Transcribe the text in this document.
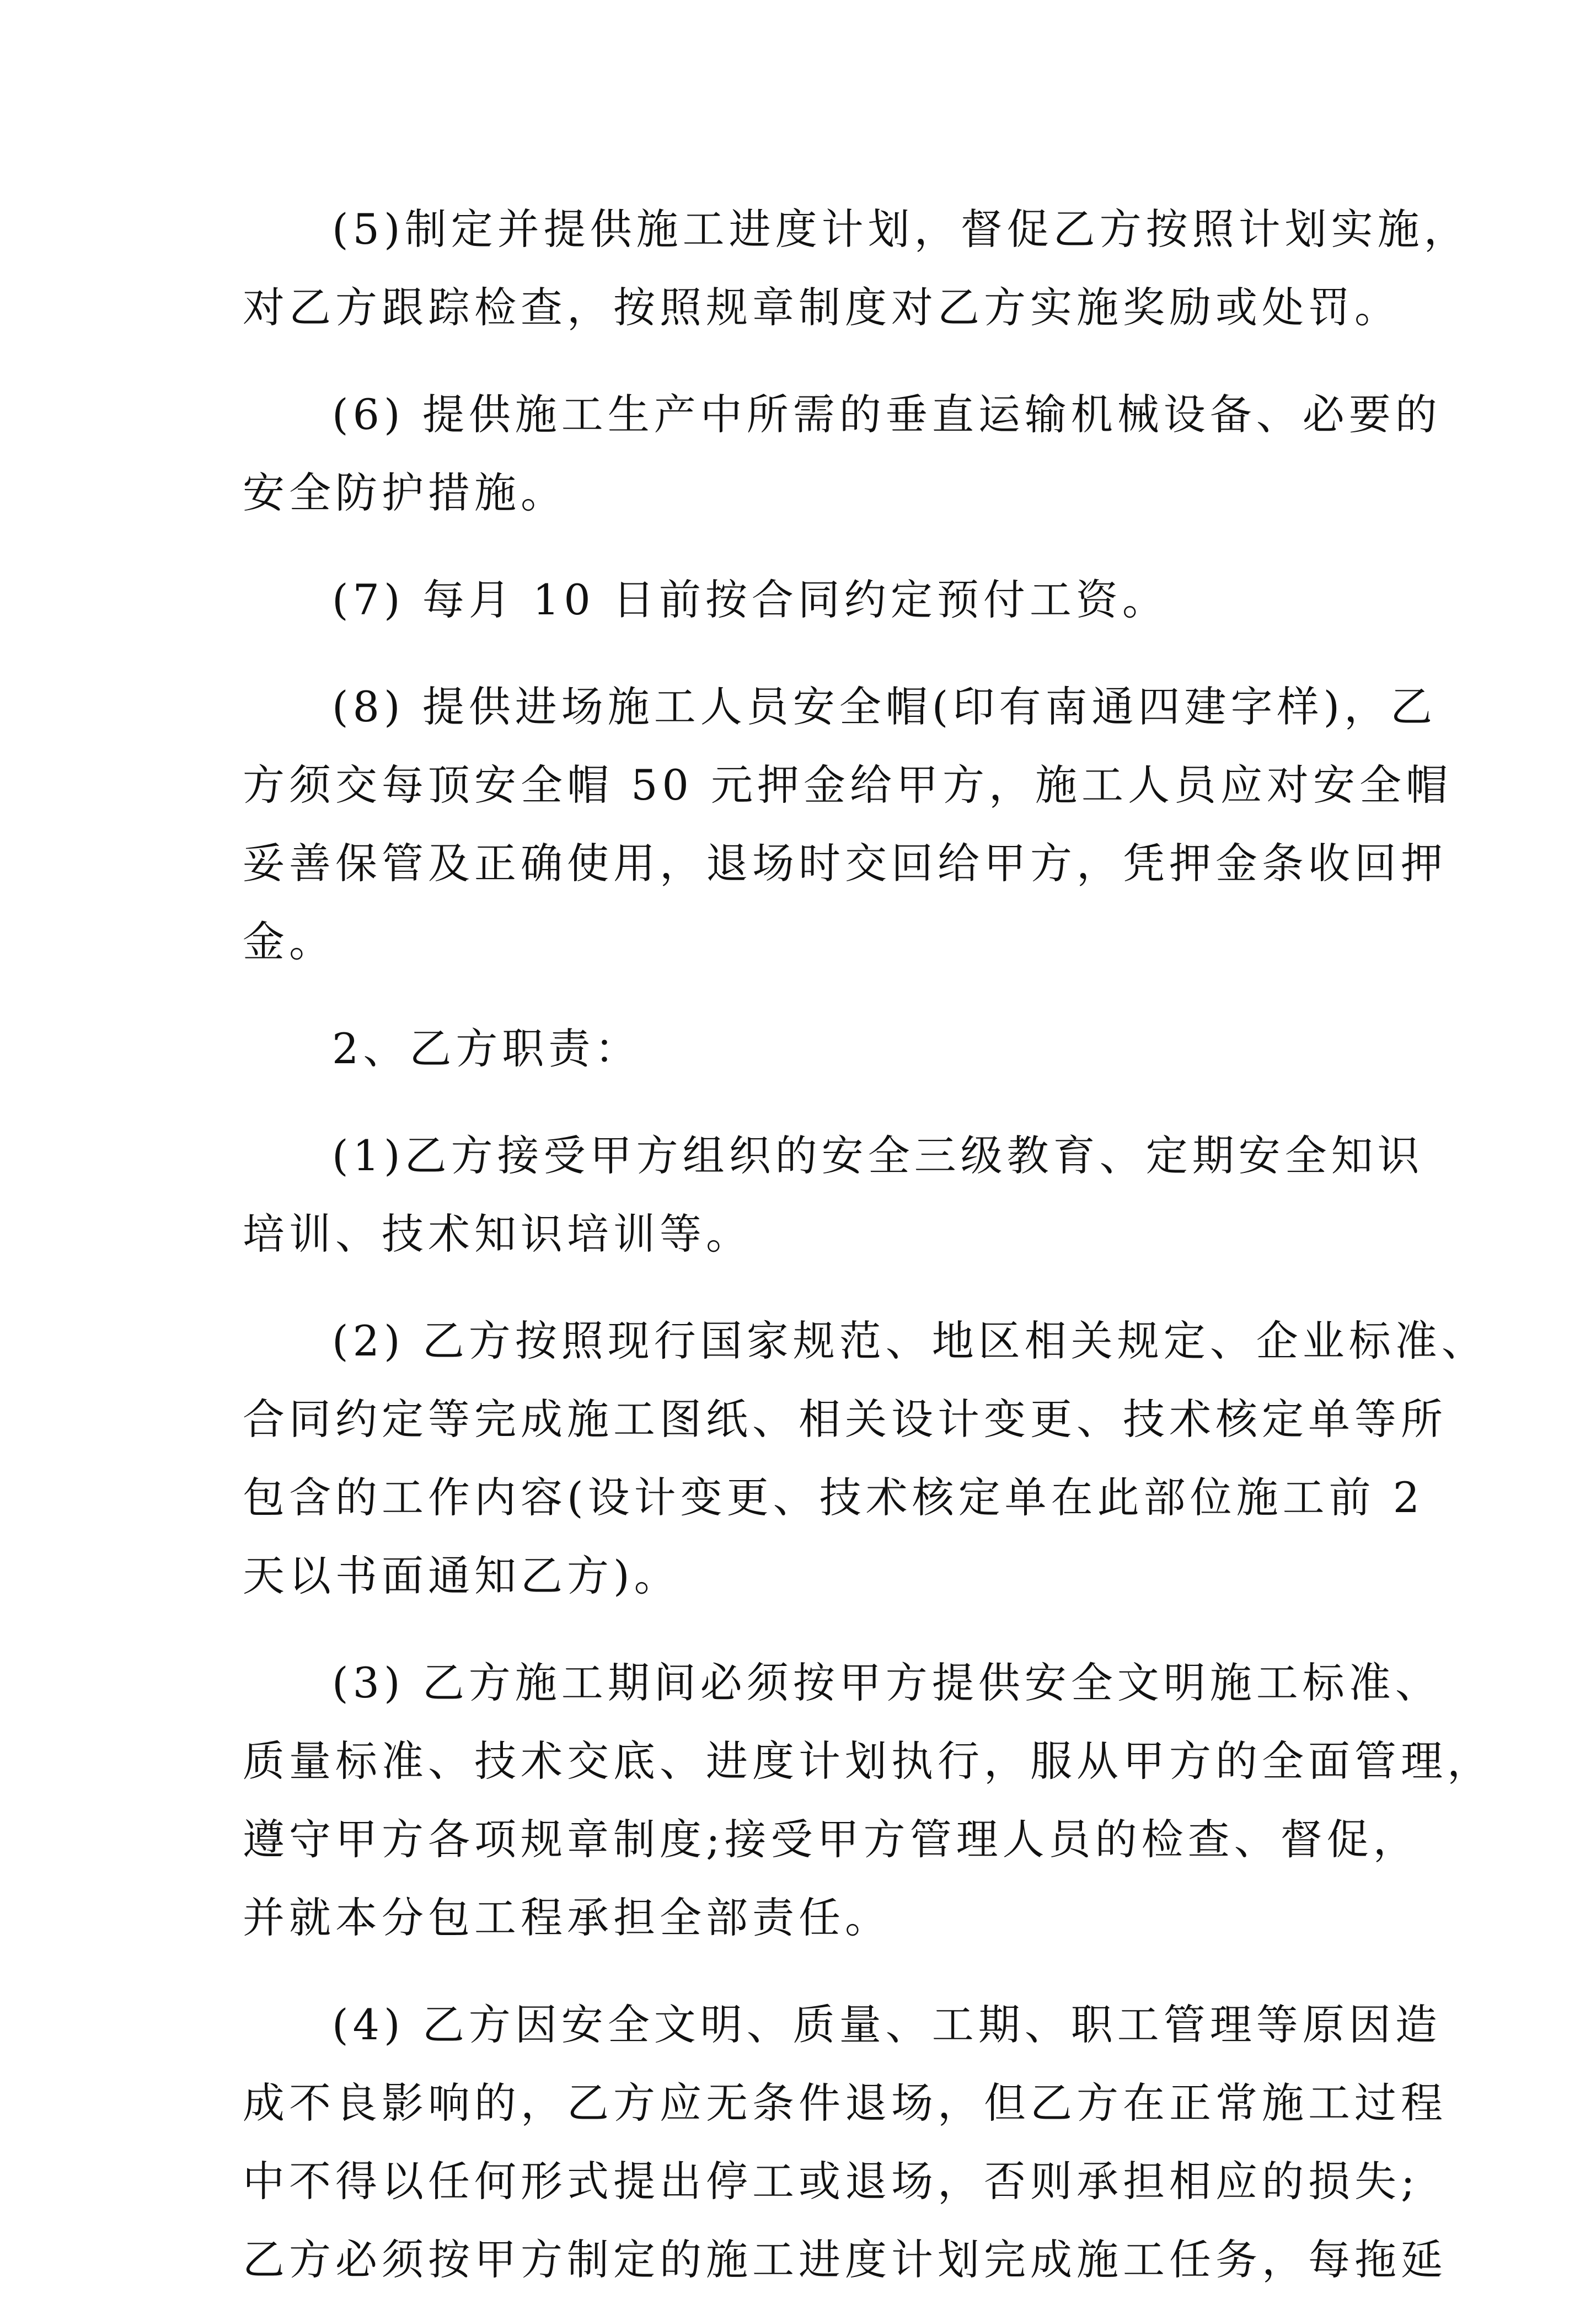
(5)制定并提供施工进度计划，督促乙方按照计划实施，
对乙方跟踪检查，按照规章制度对乙方实施奖励或处罚。
(6) 提供施工生产中所需的垂直运输机械设备、必要的
安全防护措施。
(7) 每月 10 日前按合同约定预付工资。
(8) 提供进场施工人员安全帽(印有南通四建字样)，乙
方须交每顶安全帽 50 元押金给甲方，施工人员应对安全帽
妥善保管及正确使用，退场时交回给甲方，凭押金条收回押
金。
2、乙方职责：
(1)乙方接受甲方组织的安全三级教育、定期安全知识
培训、技术知识培训等。
(2) 乙方按照现行国家规范、地区相关规定、企业标准、
合同约定等完成施工图纸、相关设计变更、技术核定单等所
包含的工作内容(设计变更、技术核定单在此部位施工前 2
天以书面通知乙方)。
(3) 乙方施工期间必须按甲方提供安全文明施工标准、
质量标准、技术交底、进度计划执行，服从甲方的全面管理，
遵守甲方各项规章制度;接受甲方管理人员的检查、督促，
并就本分包工程承担全部责任。
(4) 乙方因安全文明、质量、工期、职工管理等原因造
成不良影响的，乙方应无条件退场，但乙方在正常施工过程
中不得以任何形式提出停工或退场，否则承担相应的损失;
乙方必须按甲方制定的施工进度计划完成施工任务，每拖延
